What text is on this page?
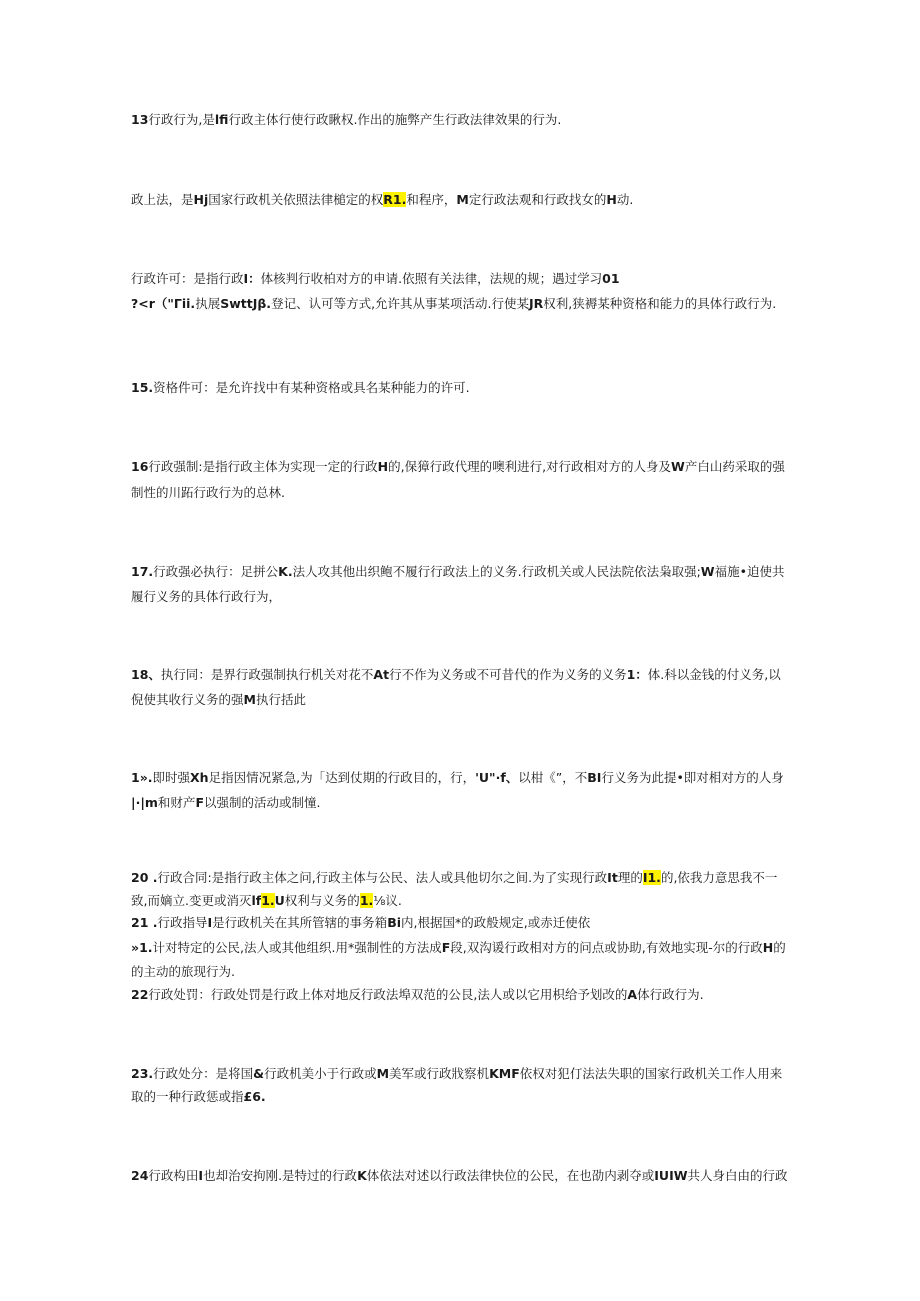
13行政行为,是lfi行政主体行使行政瞅权.作出的施弊产生行政法律效果的行为.
政上法，是Hj国家行政机关依照法律槌定的权R1.和程序，M定行政法观和行政找女的H动.
行政许可：是指行政I：体核判行收柏对方的申请.依照有关法律，法规的规；遇过学习01
?<r（"Γii.执展SwttJβ.登记、认可等方式,允许其从事某项活动.行使某JR权利,狭褥某种资格和能力的具体行政行为.
15.资格件可：是允许找中有某种资格或具名某种能力的许可.
16行政强制:是指行政主体为实现一定的行政H的,保獐行政代理的噢利进行,对行政相对方的人身及W产白山药采取的强
制性的川跖行政行为的总林.
17.行政强必执行：足拼公K.法人攻其他出织鲍不履行行政法上的义务.行政机关或人民法院依法枭取强;W福施•迫使共
履行义务的具体行政行为，
18、执行同：是界行政强制执行机关对花不At行不作为义务或不可昔代的作为义务的义务1：体.科以金钱的付义务,以
倪使其收行义务的强M执行括此
1».即时强Xh足指因情况紧急,为「达到仗期的行政目的，行，'U"·f、以柑《”，不BI行义务为此提•即对相对方的人身
|·|m和财产F以强制的活动或制憧.
20 .行政合同:是指行政主体之问,行政主体与公民、法人或具他切尔之间.为了实现行政It理的I1.的,依我力意思我不一
致,而嫡立.变更或消灭lf1.U权利与义务的1.⅛议.
21 .行政指导I是行政机关在其所管辖的事务箱Bi内,根据国*的政般规定,或赤迁使依
»1.计对特定的公民,法人或其他组织.用*强制性的方法成F段,双沟谖行政相对方的问点或协助,有效地实现-尔的行政H的
的主动的旅现行为.
22行政处罚：行政处罚是行政上体对地反行政法埠双范的公艮,法人或以它用枳给予划改的A体行政行为.
23.行政处分：是将国&行政机美小于行政或M美军或行政戕察机KMF依权对犯仃法法失职的国家行政机关工作人用来
取的一种行政惩或指£6.
24行政构田I也却治安拘刚.是特过的行政K体依法对述以行政法律快位的公民，在也劭内剥夺或IUIW共人身白由的行政
